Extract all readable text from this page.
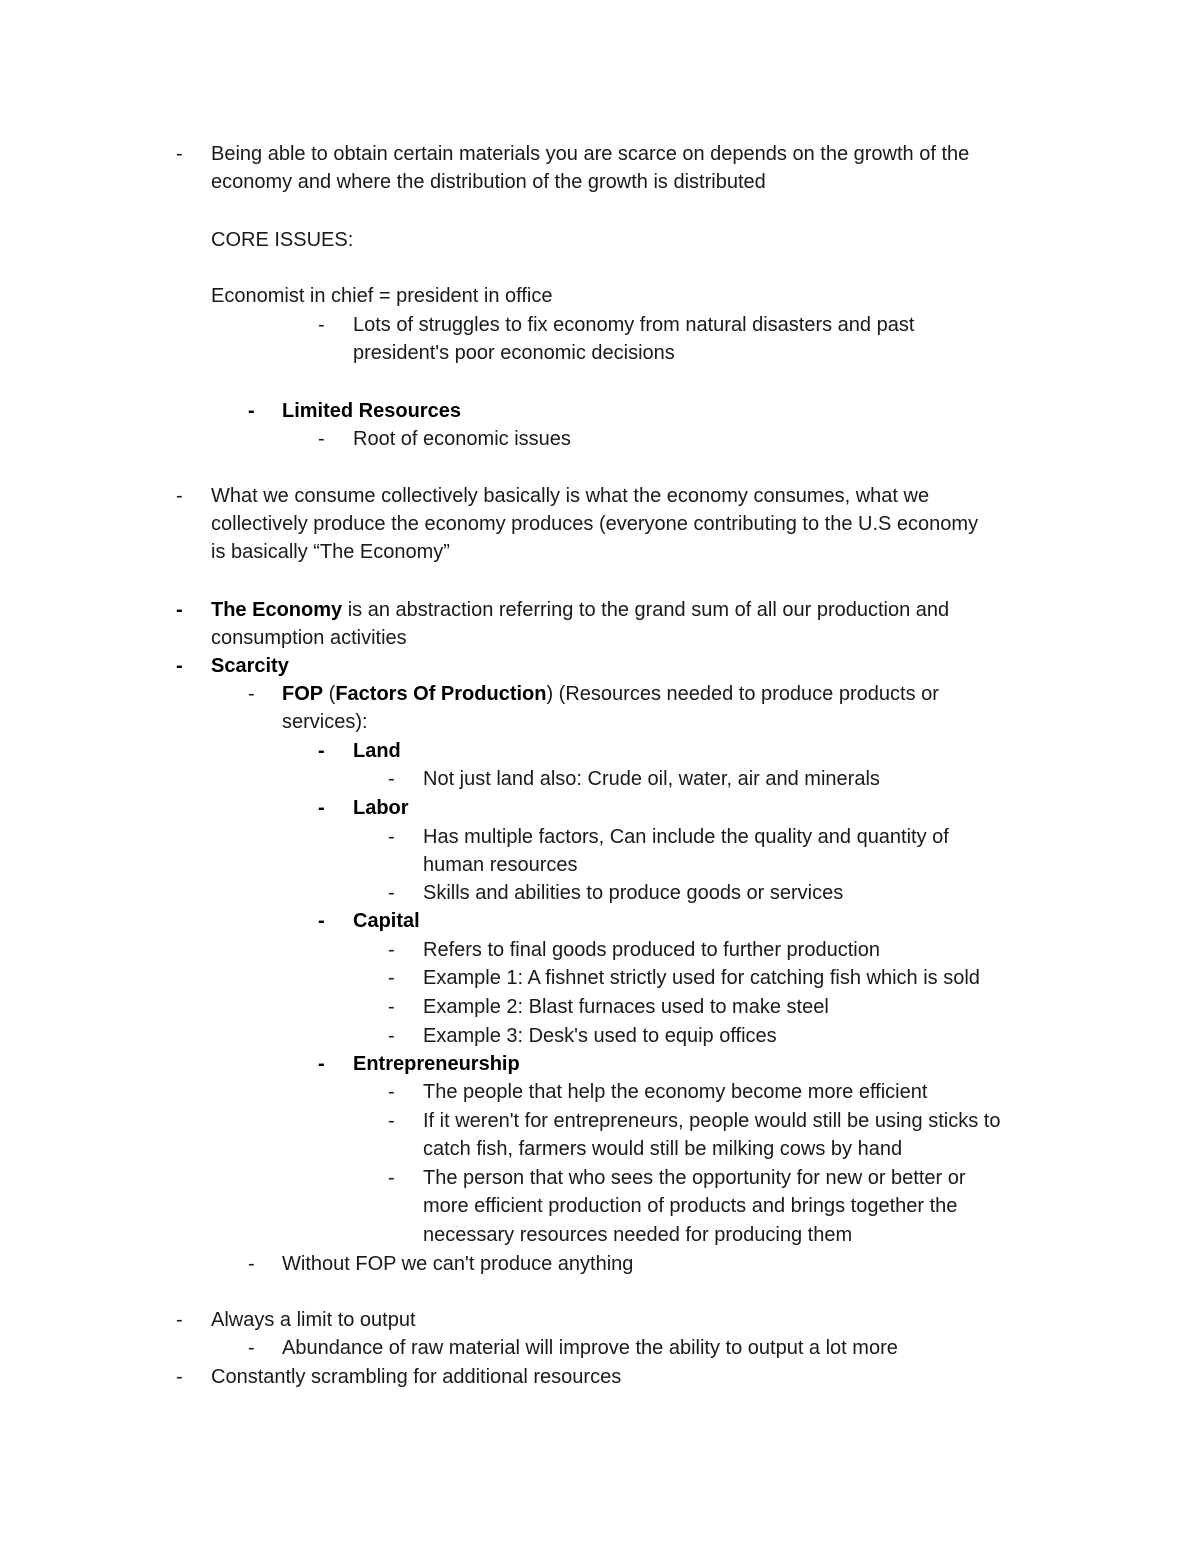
- Being able to obtain certain materials you are scarce on depends on the growth of the
economy and where the distribution of the growth is distributed
CORE ISSUES:
Economist in chief = president in office
- Lots of struggles to fix economy from natural disasters and past
president's poor economic decisions
- Limited Resources
- Root of economic issues
- What we consume collectively basically is what the economy consumes, what we
collectively produce the economy produces (everyone contributing to the U.S economy
is basically “The Economy”
- The Economy is an abstraction referring to the grand sum of all our production and
consumption activities
- Scarcity
- FOP (Factors Of Production) (Resources needed to produce products or
services):
- Land
- Not just land also: Crude oil, water, air and minerals
- Labor
- Has multiple factors, Can include the quality and quantity of
human resources
- Skills and abilities to produce goods or services
- Capital
- Refers to final goods produced to further production
- Example 1: A fishnet strictly used for catching fish which is sold
- Example 2: Blast furnaces used to make steel
- Example 3: Desk's used to equip offices
- Entrepreneurship
- The people that help the economy become more efficient
- If it weren't for entrepreneurs, people would still be using sticks to
catch fish, farmers would still be milking cows by hand
- The person that who sees the opportunity for new or better or
more efficient production of products and brings together the
necessary resources needed for producing them
- Without FOP we can't produce anything
- Always a limit to output
- Abundance of raw material will improve the ability to output a lot more
- Constantly scrambling for additional resources
